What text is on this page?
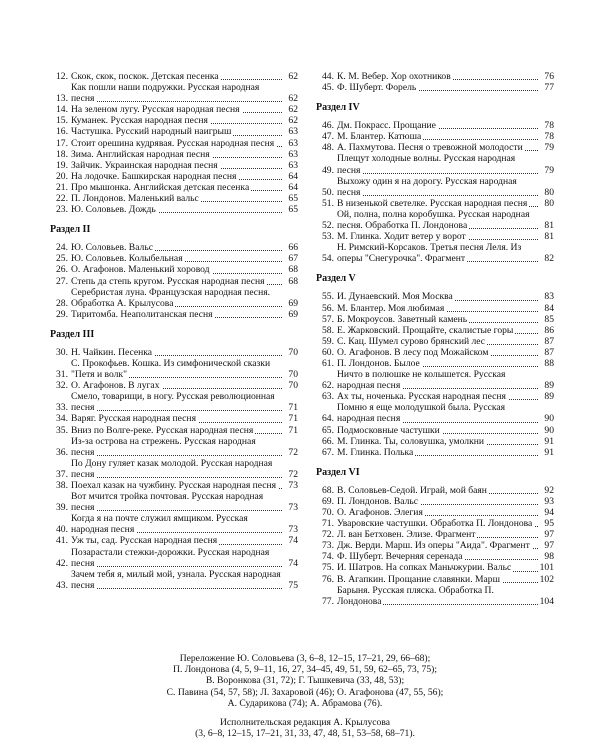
12. Скок, скок, поскок. Детская песенка	62
13.
Как пошли наши подружки. Русская народная песня	62
14. На зеленом лугу. Русская народная песня	62
15. Куманек. Русская народная песня	62
16. Частушка. Русский народный наигрыш	63
17. Стоит орешина кудрявая. Русская народная песня	63
18. Зима. Английская народная песня	63
19. Зайчик. Украинская народная песня	63
20. На лодочке. Башкирская народная песня	64
21. Про мышонка. Английская детская песенка	64
22. П. Лондонов. Маленький вальс	65
23. Ю. Соловьев. Дождь	65
Раздел II
24. Ю. Соловьев. Вальс	66
25. Ю. Соловьев. Колыбельная	67
26. О. Агафонов. Маленький хоровод	68
27. Степь да степь кругом. Русская народная песня	68
28.
Серебристая луна. Французская народная песня. Обработка А. Крылусова	69
29. Тиритомба. Неаполитанская песня	69
Раздел III
30. Н. Чайкин. Песенка	70
31.
С. Прокофьев. Кошка. Из симфонической сказки "Петя и волк"	70
32. О. Агафонов. В лугах	70
33.
Смело, товарищи, в ногу. Русская революционная песня	71
34. Варяг. Русская народная песня	71
35. Вниз по Волге-реке. Русская народная песня	71
36.
Из-за острова на стрежень. Русская народная песня	72
37.
По Дону гуляет казак молодой. Русская народная песня	72
38. Поехал казак на чужбину. Русская народная песня	73
39.
Вот мчится тройка почтовая. Русская народная песня	73
40.
Когда я на почте служил ямщиком. Русская народная песня	73
41. Уж ты, сад. Русская народная песня	74
42.
Позарастали стежки-дорожки. Русская народная песня	74
43.
Зачем тебя я, милый мой, узнала. Русская народная песня	75
44. К. М. Вебер. Хор охотников	76
45. Ф. Шуберт. Форель	77
Раздел IV
46. Дм. Покрасс. Прощание	78
47. М. Блантер. Катюша	78
48. А. Пахмутова. Песня о тревожной молодости	79
49.
Плещут холодные волны. Русская народная песня	79
50.
Выхожу один я на дорогу. Русская народная песня	80
51. В низенькой светелке. Русская народная песня	80
52.
Ой, полна, полна коробушка. Русская народная песня. Обработка П. Лондонова	81
53. М. Глинка. Ходит ветер у ворот	81
54.
Н. Римский-Корсаков. Третья песня Леля. Из оперы "Снегурочка". Фрагмент	82
Раздел V
55. И. Дунаевский. Моя Москва	83
56. М. Блантер. Моя любимая	84
57. Б. Мокроусов. Заветный камень	85
58. Е. Жарковский. Прощайте, скалистые горы	86
59. С. Кац. Шумел сурово брянский лес	87
60. О. Агафонов. В лесу под Можайском	87
61. П. Лондонов. Былое	88
62.
Ничто в полюшке не колышется. Русская народная песня	89
63. Ах ты, ноченька. Русская народная песня	89
64.
Помню я еще молодушкой была. Русская народная песня	90
65. Подмосковные частушки	90
66. М. Глинка. Ты, соловушка, умолкни	91
67. М. Глинка. Полька	91
Раздел VI
68. В. Соловьев-Седой. Играй, мой баян	92
69. П. Лондонов. Вальс	93
70. О. Агафонов. Элегия	94
71. Уваровские частушки. Обработка П. Лондонова	95
72. Л. ван Бетховен. Элизе. Фрагмент	97
73. Дж. Верди. Марш. Из оперы "Аида". Фрагмент	97
74. Ф. Шуберт. Вечерняя серенада	98
75. И. Шатров. На сопках Маньчжурии. Вальс	101
76. В. Агапкин. Прощание славянки. Марш	102
77.
Барыня. Русская пляска. Обработка П. Лондонова	104

Переложение Ю. Соловьева (3, 6–8, 12–15, 17–21, 29, 66–68);

П. Лондонова (4, 5, 9–11, 16, 27, 34–45, 49, 51, 59, 62–65, 73, 75);

В. Воронкова (31, 72); Г. Тышкевича (33, 48, 53);

С. Павина (54, 57, 58); Л. Захаровой (46); О. Агафонова (47, 55, 56);

А. Сударикова (74); А. Абрамова (76).

Исполнительская редакция А. Крылусова

(3, 6–8, 12–15, 17–21, 31, 33, 47, 48, 51, 53–58, 68–71).
